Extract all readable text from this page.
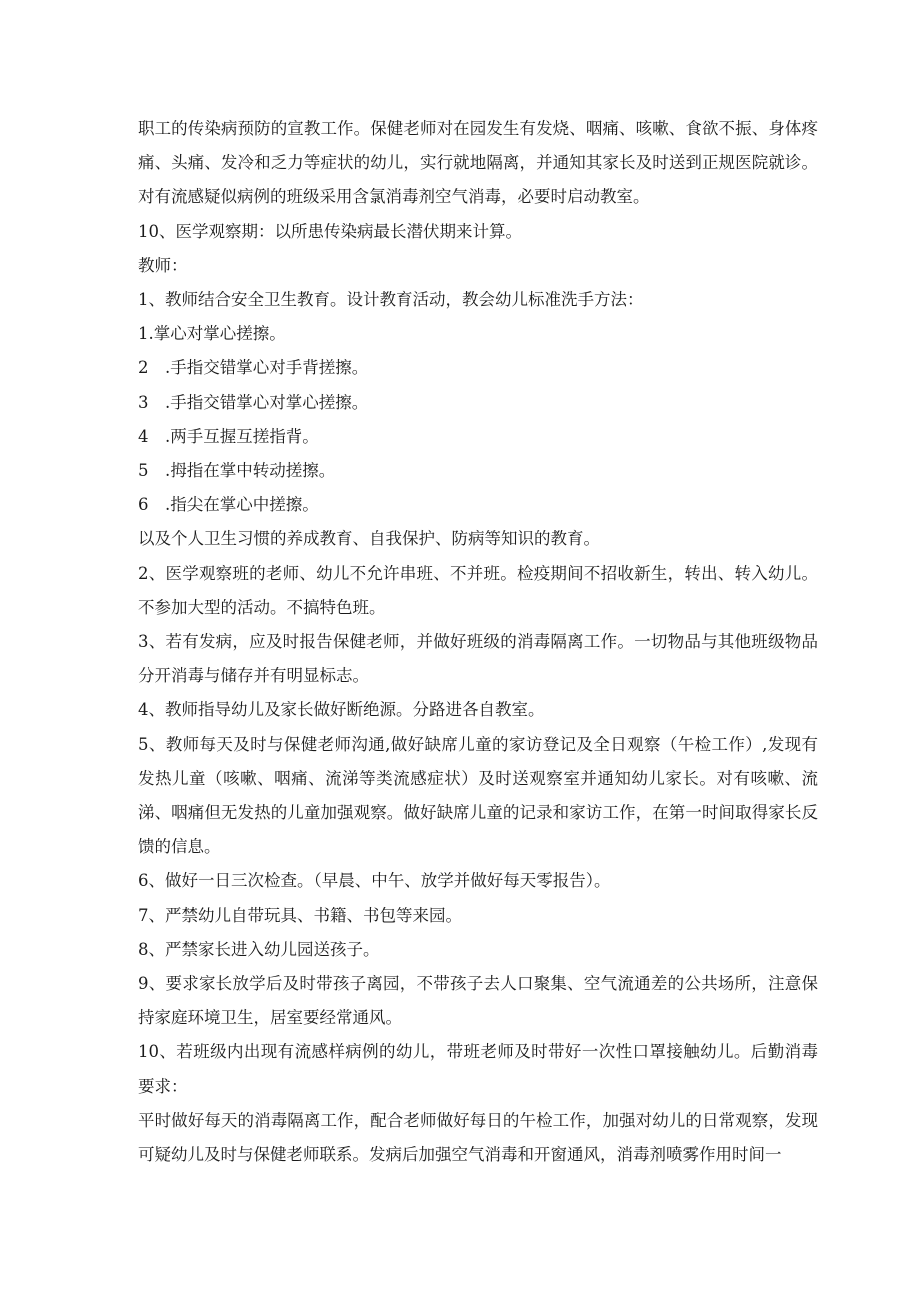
职工的传染病预防的宣教工作。保健老师对在园发生有发烧、咽痛、咳嗽、食欲不振、身体疼痛、头痛、发冷和乏力等症状的幼儿，实行就地隔离，并通知其家长及时送到正规医院就诊。对有流感疑似病例的班级采用含氯消毒剂空气消毒，必要时启动教室。

10、医学观察期：以所患传染病最长潜伏期来计算。

教师：

1、教师结合安全卫生教育。设计教育活动，教会幼儿标准洗手方法：

1.掌心对掌心搓擦。

2　.手指交错掌心对手背搓擦。

3　.手指交错掌心对掌心搓擦。

4　.两手互握互搓指背。

5　.拇指在掌中转动搓擦。

6　.指尖在掌心中搓擦。

以及个人卫生习惯的养成教育、自我保护、防病等知识的教育。

2、医学观察班的老师、幼儿不允许串班、不并班。检疫期间不招收新生，转出、转入幼儿。不参加大型的活动。不搞特色班。

3、若有发病，应及时报告保健老师，并做好班级的消毒隔离工作。一切物品与其他班级物品分开消毒与储存并有明显标志。

4、教师指导幼儿及家长做好断绝源。分路进各自教室。

5、教师每天及时与保健老师沟通,做好缺席儿童的家访登记及全日观察（午检工作）,发现有发热儿童（咳嗽、咽痛、流涕等类流感症状）及时送观察室并通知幼儿家长。对有咳嗽、流涕、咽痛但无发热的儿童加强观察。做好缺席儿童的记录和家访工作，在第一时间取得家长反馈的信息。

6、做好一日三次检查。（早晨、中午、放学并做好每天零报告）。

7、严禁幼儿自带玩具、书籍、书包等来园。

8、严禁家长进入幼儿园送孩子。

9、要求家长放学后及时带孩子离园，不带孩子去人口聚集、空气流通差的公共场所，注意保持家庭环境卫生，居室要经常通风。

10、若班级内出现有流感样病例的幼儿，带班老师及时带好一次性口罩接触幼儿。后勤消毒要求：

平时做好每天的消毒隔离工作，配合老师做好每日的午检工作，加强对幼儿的日常观察，发现可疑幼儿及时与保健老师联系。发病后加强空气消毒和开窗通风，消毒剂喷雾作用时间一
